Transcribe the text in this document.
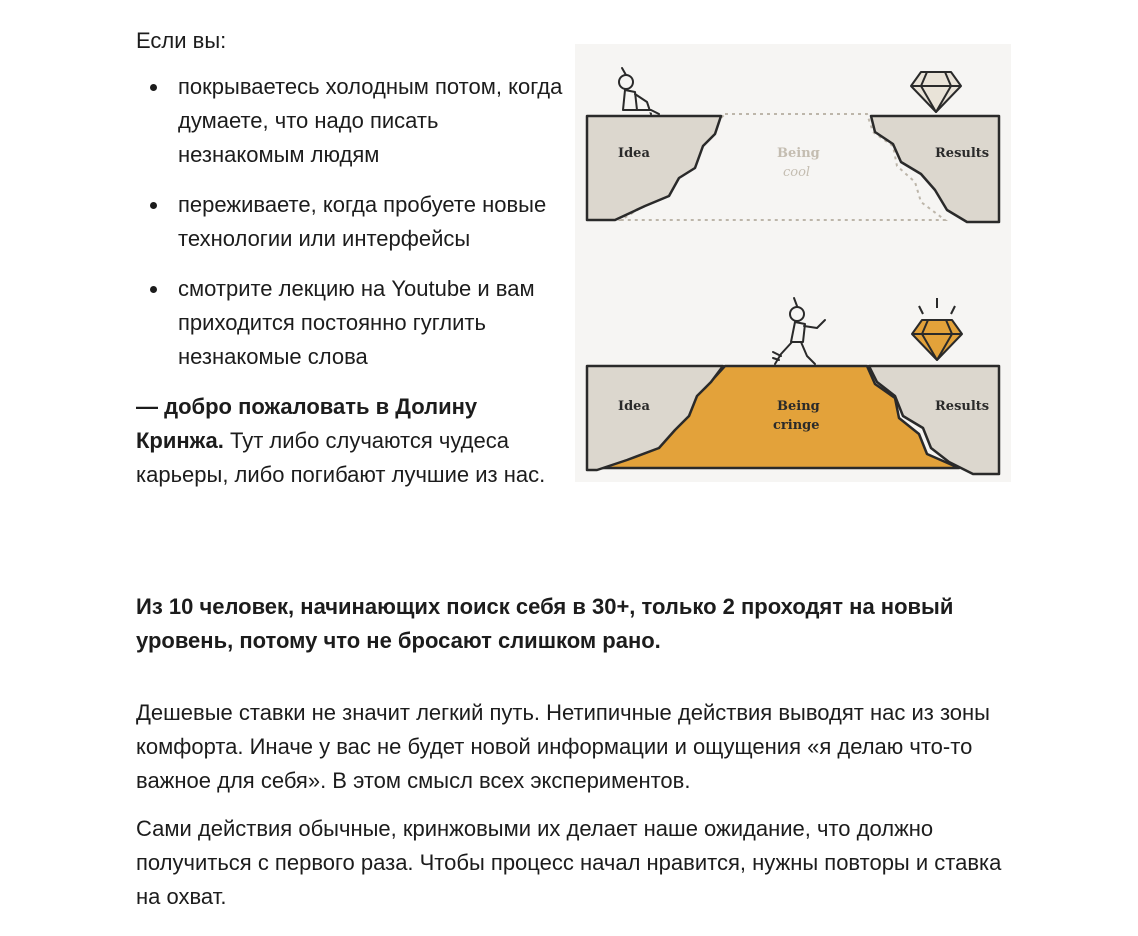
Если вы:

покрываетесь холодным потом, когда думаете, что надо писать незнакомым людям
переживаете, когда пробуете новые технологии или интерфейсы
смотрите лекцию на Youtube и вам приходится постоянно гуглить незнакомые слова

— добро пожаловать в Долину Кринжа. Тут либо случаются чудеса карьеры, либо погибают лучшие из нас.

Idea	Being
cool
Results
Idea	Being
cringe
Results

Из 10 человек, начинающих поиск себя в 30+, только 2 проходят на новый уровень, потому что не бросают слишком рано.

Дешевые ставки не значит легкий путь. Нетипичные действия выводят нас из зоны комфорта. Иначе у вас не будет новой информации и ощущения «я делаю что-то важное для себя». В этом смысл всех экспериментов.

Сами действия обычные, кринжовыми их делает наше ожидание, что должно получиться с первого раза. Чтобы процесс начал нравится, нужны повторы и ставка на охват.
